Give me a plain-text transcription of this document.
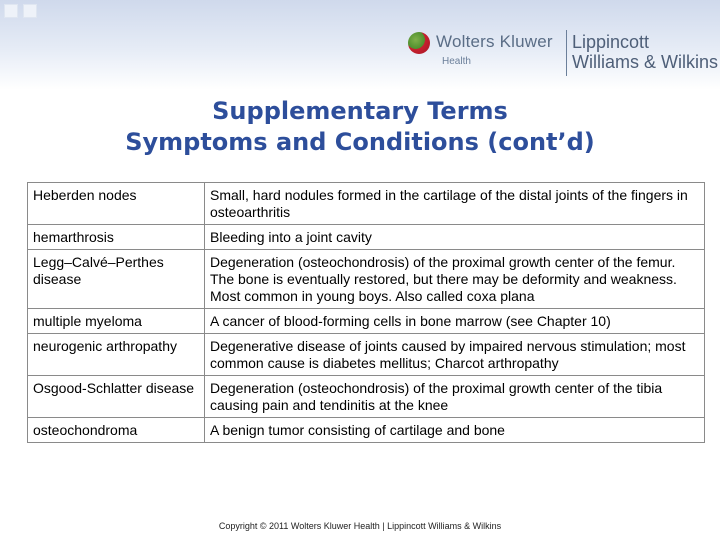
Wolters Kluwer
Health
Lippincott
Williams & Wilkins
Supplementary Terms
Symptoms and Conditions (cont’d)
Heberden nodes	Small, hard nodules formed in the cartilage of the distal joints of the fingers in osteoarthritis
hemarthrosis	Bleeding into a joint cavity
Legg–Calvé–Perthes disease	Degeneration (osteochondrosis) of the proximal growth center of the femur. The bone is eventually restored, but there may be deformity and weakness. Most common in young boys. Also called coxa plana
multiple myeloma	A cancer of blood-forming cells in bone marrow (see Chapter 10)
neurogenic arthropathy	Degenerative disease of joints caused by impaired nervous stimulation; most common cause is diabetes mellitus; Charcot arthropathy
Osgood-Schlatter disease	Degeneration (osteochondrosis) of the proximal growth center of the tibia causing pain and tendinitis at the knee
osteochondroma	A benign tumor consisting of cartilage and bone
Copyright © 2011 Wolters Kluwer Health | Lippincott Williams & Wilkins
